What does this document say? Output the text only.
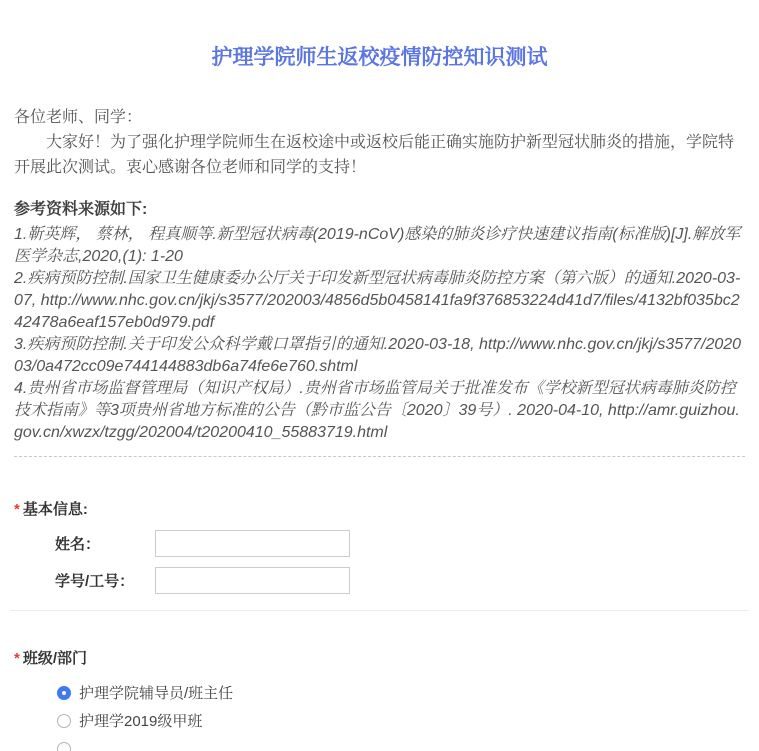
护理学院师生返校疫情防控知识测试
各位老师、同学：
大家好！为了强化护理学院师生在返校途中或返校后能正确实施防护新型冠状肺炎的措施，学院特开展此次测试。衷心感谢各位老师和同学的支持！
参考资料来源如下:
1.靳英辉， 蔡林， 程真顺等.新型冠状病毒(2019-nCoV)感染的肺炎诊疗快速建议指南(标准版)[J].解放军医学杂志,2020,(1): 1-20
2.疾病预防控制.国家卫生健康委办公厅关于印发新型冠状病毒肺炎防控方案（第六版）的通知.2020-03-07, http://www.nhc.gov.cn/jkj/s3577/202003/4856d5b0458141fa9f376853224d41d7/files/4132bf035bc242478a6eaf157eb0d979.pdf
3.疾病预防控制.关于印发公众科学戴口罩指引的通知.2020-03-18, http://www.nhc.gov.cn/jkj/s3577/202003/0a472cc09e744144883db6a74fe6e760.shtml
4.贵州省市场监督管理局（知识产权局）.贵州省市场监管局关于批准发布《学校新型冠状病毒肺炎防控技术指南》等3项贵州省地方标准的公告（黔市监公告〔2020〕39号）. 2020-04-10, http://amr.guizhou.gov.cn/xwzx/tzgg/202004/t20200410_55883719.html
* 基本信息:
姓名：
学号/工号：
* 班级/部门
护理学院辅导员/班主任
护理学2019级甲班
